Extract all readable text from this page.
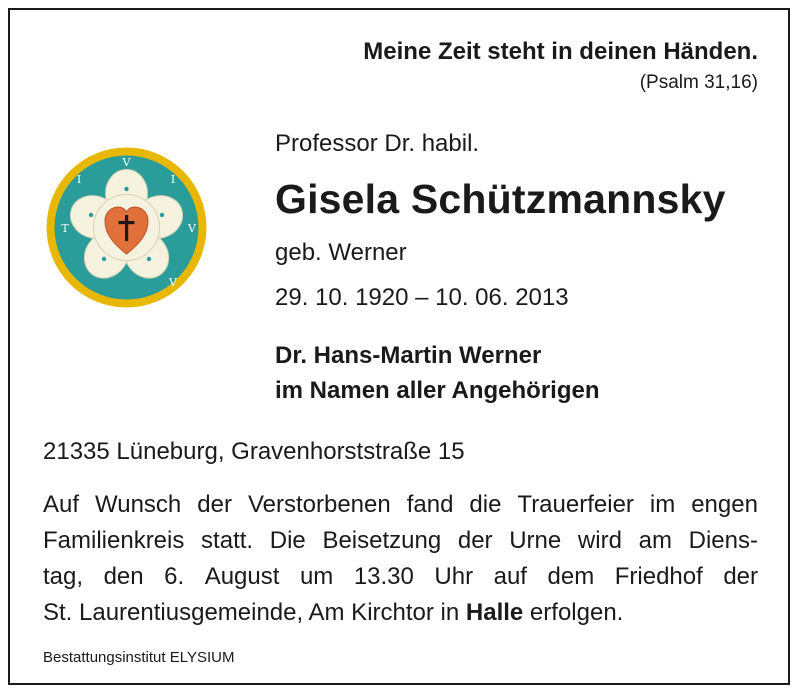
Meine Zeit steht in deinen Händen.
(Psalm 31,16)
V
I
V
T
I
V
Professor Dr. habil.
Gisela Schützmannsky
geb. Werner
29. 10. 1920 – 10. 06. 2013
Dr. Hans-Martin Werner
im Namen aller Angehörigen
21335 Lüneburg, Gravenhorststraße 15
Auf Wunsch der Verstorbenen fand die Trauerfeier im engen
Familienkreis statt. Die Beisetzung der Urne wird am Diens-
tag, den 6. August um 13.30 Uhr auf dem Friedhof der
St. Laurentiusgemeinde, Am Kirchtor in Halle erfolgen.
Bestattungsinstitut ELYSIUM
